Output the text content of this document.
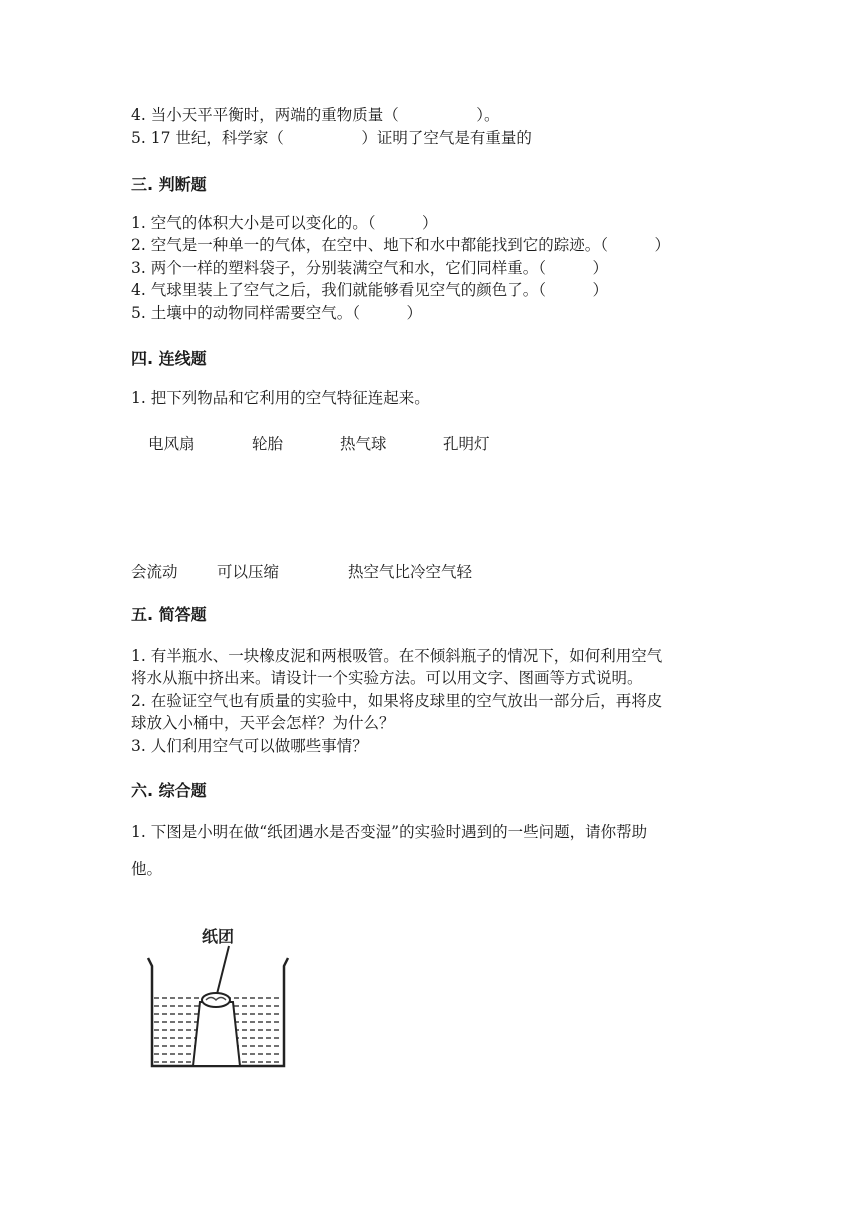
4. 当小天平平衡时，两端的重物质量（　　　　　）。
5. 17 世纪，科学家（　　　　　）证明了空气是有重量的
三. 判断题
1. 空气的体积大小是可以变化的。（　　　）
2. 空气是一种单一的气体，在空中、地下和水中都能找到它的踪迹。（　　　）
3. 两个一样的塑料袋子，分别装满空气和水，它们同样重。（　　　）
4. 气球里装上了空气之后，我们就能够看见空气的颜色了。（　　　）
5. 土壤中的动物同样需要空气。（　　　）
四. 连线题
1. 把下列物品和它利用的空气特征连起来。
电风扇	轮胎	热气球	孔明灯
会流动	可以压缩	热空气比冷空气轻
五. 简答题
1. 有半瓶水、一块橡皮泥和两根吸管。在不倾斜瓶子的情况下，如何利用空气
将水从瓶中挤出来。请设计一个实验方法。可以用文字、图画等方式说明。
2. 在验证空气也有质量的实验中，如果将皮球里的空气放出一部分后，再将皮
球放入小桶中，天平会怎样？为什么？
3. 人们利用空气可以做哪些事情？
六. 综合题
1. 下图是小明在做“纸团遇水是否变湿”的实验时遇到的一些问题，请你帮助
他。
纸团
